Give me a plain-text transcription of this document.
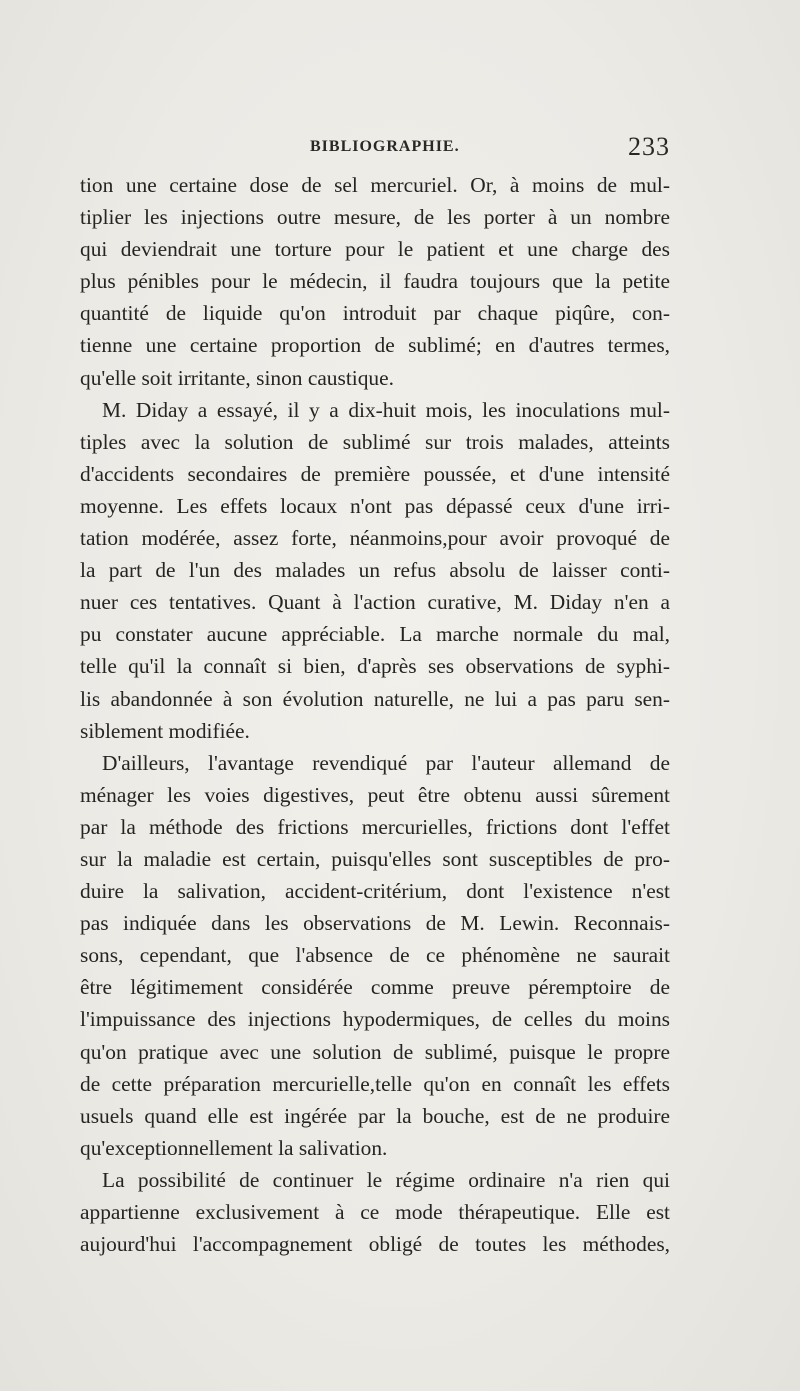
BIBLIOGRAPHIE.	233
tion une certaine dose de sel mercuriel. Or, à moins de mul-
tiplier les injections outre mesure, de les porter à un nombre
qui deviendrait une torture pour le patient et une charge des
plus pénibles pour le médecin, il faudra toujours que la petite
quantité de liquide qu'on introduit par chaque piqûre, con-
tienne une certaine proportion de sublimé; en d'autres termes,
qu'elle soit irritante, sinon caustique.
M. Diday a essayé, il y a dix-huit mois, les inoculations mul-
tiples avec la solution de sublimé sur trois malades, atteints
d'accidents secondaires de première poussée, et d'une intensité
moyenne. Les effets locaux n'ont pas dépassé ceux d'une irri-
tation modérée, assez forte, néanmoins,pour avoir provoqué de
la part de l'un des malades un refus absolu de laisser conti-
nuer ces tentatives. Quant à l'action curative, M. Diday n'en a
pu constater aucune appréciable. La marche normale du mal,
telle qu'il la connaît si bien, d'après ses observations de syphi-
lis abandonnée à son évolution naturelle, ne lui a pas paru sen-
siblement modifiée.
D'ailleurs, l'avantage revendiqué par l'auteur allemand de
ménager les voies digestives, peut être obtenu aussi sûrement
par la méthode des frictions mercurielles, frictions dont l'effet
sur la maladie est certain, puisqu'elles sont susceptibles de pro-
duire la salivation, accident-critérium, dont l'existence n'est
pas indiquée dans les observations de M. Lewin. Reconnais-
sons, cependant, que l'absence de ce phénomène ne saurait
être légitimement considérée comme preuve péremptoire de
l'impuissance des injections hypodermiques, de celles du moins
qu'on pratique avec une solution de sublimé, puisque le propre
de cette préparation mercurielle,telle qu'on en connaît les effets
usuels quand elle est ingérée par la bouche, est de ne produire
qu'exceptionnellement la salivation.
La possibilité de continuer le régime ordinaire n'a rien qui
appartienne exclusivement à ce mode thérapeutique. Elle est
aujourd'hui l'accompagnement obligé de toutes les méthodes,
